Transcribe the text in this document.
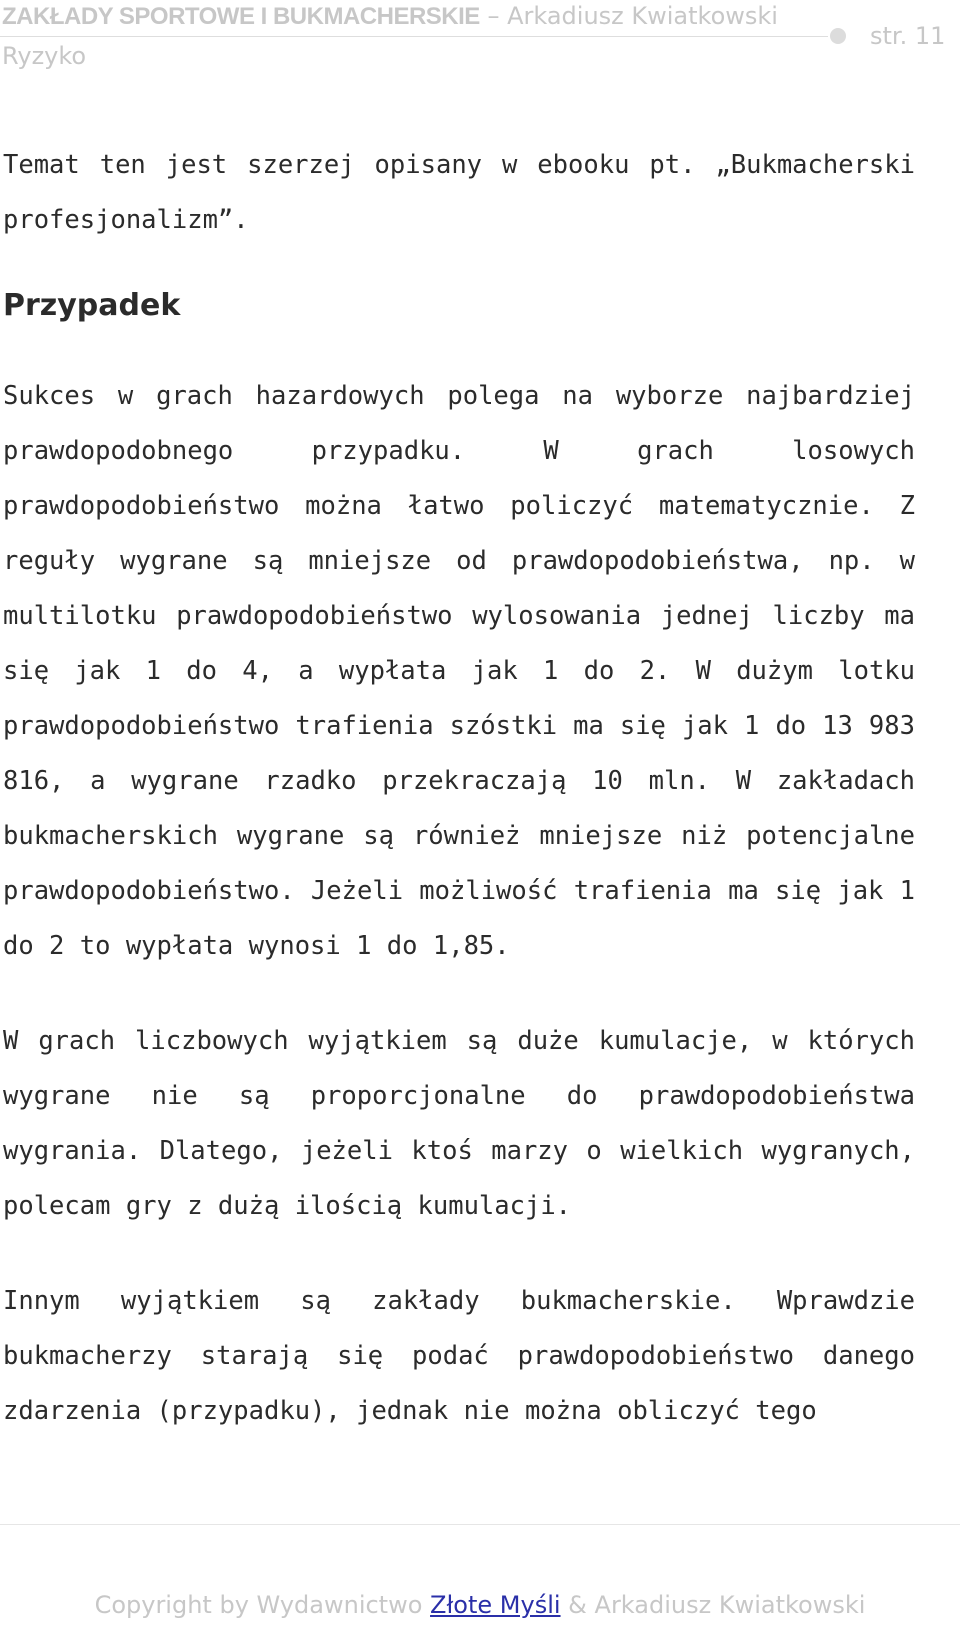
ZAKŁADY SPORTOWE I BUKMACHERSKIE – Arkadiusz Kwiatkowski
str. 11
Ryzyko

Temat ten jest szerzej opisany w ebooku pt. „Bukmacherski profesjonalizm”.

Przypadek

Sukces w grach hazardowych polega na wyborze najbardziej prawdopodobnego przypadku. W grach losowych prawdopodobieństwo można łatwo policzyć matematycznie. Z reguły wygrane są mniejsze od prawdopodobieństwa, np. w multilotku prawdopodobieństwo wylosowania jednej liczby ma się jak 1 do 4, a wypłata jak 1 do 2. W dużym lotku prawdopodobieństwo trafienia szóstki ma się jak 1 do 13 983 816, a wygrane rzadko przekraczają 10 mln. W zakładach bukmacherskich wygrane są również mniejsze niż potencjalne prawdopodobieństwo. Jeżeli możliwość trafienia ma się jak 1 do 2 to wypłata wynosi 1 do 1,85.

W grach liczbowych wyjątkiem są duże kumulacje, w których wygrane nie są proporcjonalne do prawdopodobieństwa wygrania. Dlatego, jeżeli ktoś marzy o wielkich wygranych, polecam gry z dużą ilością kumulacji.

Innym wyjątkiem są zakłady bukmacherskie. Wprawdzie bukmacherzy starają się podać prawdopodobieństwo danego zdarzenia (przypadku), jednak nie można obliczyć tego

Copyright by Wydawnictwo Złote Myśli & Arkadiusz Kwiatkowski
